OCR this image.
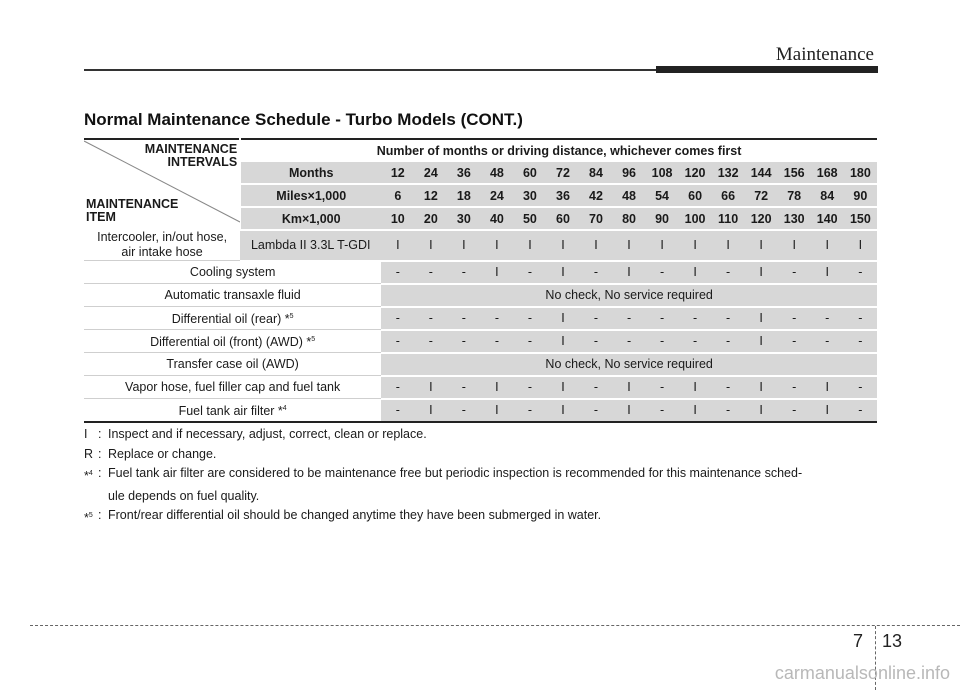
Maintenance
Normal Maintenance Schedule - Turbo Models (CONT.)
MAINTENANCE
INTERVALS
MAINTENANCE
ITEM	Number of months or driving distance, whichever comes first															
	Months	12	24	36	48	60	72	84	96	108	120	132	144	156	168	180
	Miles×1,000	6	12	18	24	30	36	42	48	54	60	66	72	78	84	90
	Km×1,000	10	20	30	40	50	60	70	80	90	100	110	120	130	140	150

Intercooler, in/out hose,
air intake hose	Lambda II 3.3L T-GDI	I	I	I	I	I	I	I	I	I	I	I	I	I	I	I
Cooling system		-	-	-	I	-	I	-	I	-	I	-	I	-	I	-
Automatic transaxle fluid		No check, No service required														
Differential oil (rear) *$^5$		-	-	-	-	-	I	-	-	-	-	-	I	-	-	-
Differential oil (front) (AWD) *$^5$		-	-	-	-	-	I	-	-	-	-	-	I	-	-	-
Transfer case oil (AWD)		No check, No service required														
Vapor hose, fuel filler cap and fuel tank		-	I	-	I	-	I	-	I	-	I	-	I	-	I	-
Fuel tank air filter *$^4$		-	I	-	I	-	I	-	I	-	I	-	I	-	I	-
I : Inspect and if necessary, adjust, correct, clean or replace.
R : Replace or change.
*$^4$ : Fuel tank air filter are considered to be maintenance free but periodic inspection is recommended for this maintenance sched-
ule depends on fuel quality.
*$^5$ : Front/rear differential oil should be changed anytime they have been submerged in water.
7 13
carmanualsonline.info
